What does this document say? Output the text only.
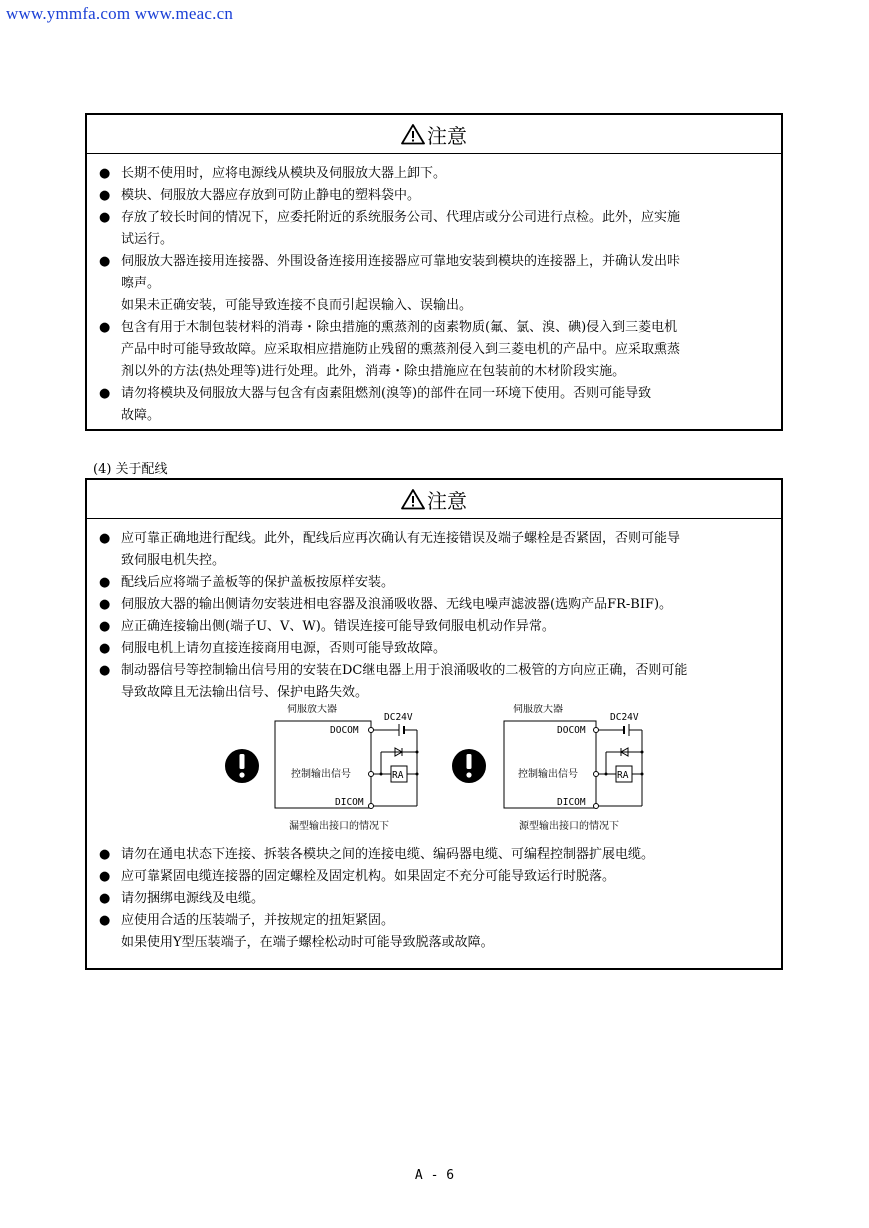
www.ymmfa.com www.meac.cn
注意
● 长期不使用时，应将电源线从模块及伺服放大器上卸下。
● 模块、伺服放大器应存放到可防止静电的塑料袋中。
● 存放了较长时间的情况下，应委托附近的系统服务公司、代理店或分公司进行点检。此外，应实施
试运行。
● 伺服放大器连接用连接器、外围设备连接用连接器应可靠地安装到模块的连接器上，并确认发出咔
嚓声。
如果未正确安装，可能导致连接不良而引起误输入、误输出。
● 包含有用于木制包装材料的消毒・除虫措施的熏蒸剂的卤素物质(氟、氯、溴、碘)侵入到三菱电机
产品中时可能导致故障。应采取相应措施防止残留的熏蒸剂侵入到三菱电机的产品中。应采取熏蒸
剂以外的方法(热处理等)进行处理。此外，消毒・除虫措施应在包装前的木材阶段实施。
● 请勿将模块及伺服放大器与包含有卤素阻燃剂(溴等)的部件在同一环境下使用。否则可能导致
故障。
(4) 关于配线
注意
● 应可靠正确地进行配线。此外，配线后应再次确认有无连接错误及端子螺栓是否紧固，否则可能导
致伺服电机失控。
● 配线后应将端子盖板等的保护盖板按原样安装。
● 伺服放大器的输出侧请勿安装进相电容器及浪涌吸收器、无线电噪声滤波器(选购产品FR-BIF)。
● 应正确连接输出侧(端子U、V、W)。错误连接可能导致伺服电机动作异常。
● 伺服电机上请勿直接连接商用电源，否则可能导致故障。
● 制动器信号等控制输出信号用的安装在DC继电器上用于浪涌吸收的二极管的方向应正确，否则可能
导致故障且无法输出信号、保护电路失效。
伺服放大器
DC24V
DOCOM
控制输出信号
DICOM
RA
漏型输出接口的情况下
伺服放大器
DC24V
DOCOM
控制输出信号
DICOM
RA
源型输出接口的情况下
● 请勿在通电状态下连接、拆装各模块之间的连接电缆、编码器电缆、可编程控制器扩展电缆。
● 应可靠紧固电缆连接器的固定螺栓及固定机构。如果固定不充分可能导致运行时脱落。
● 请勿捆绑电源线及电缆。
● 应使用合适的压装端子，并按规定的扭矩紧固。
如果使用Y型压装端子，在端子螺栓松动时可能导致脱落或故障。
A - 6
